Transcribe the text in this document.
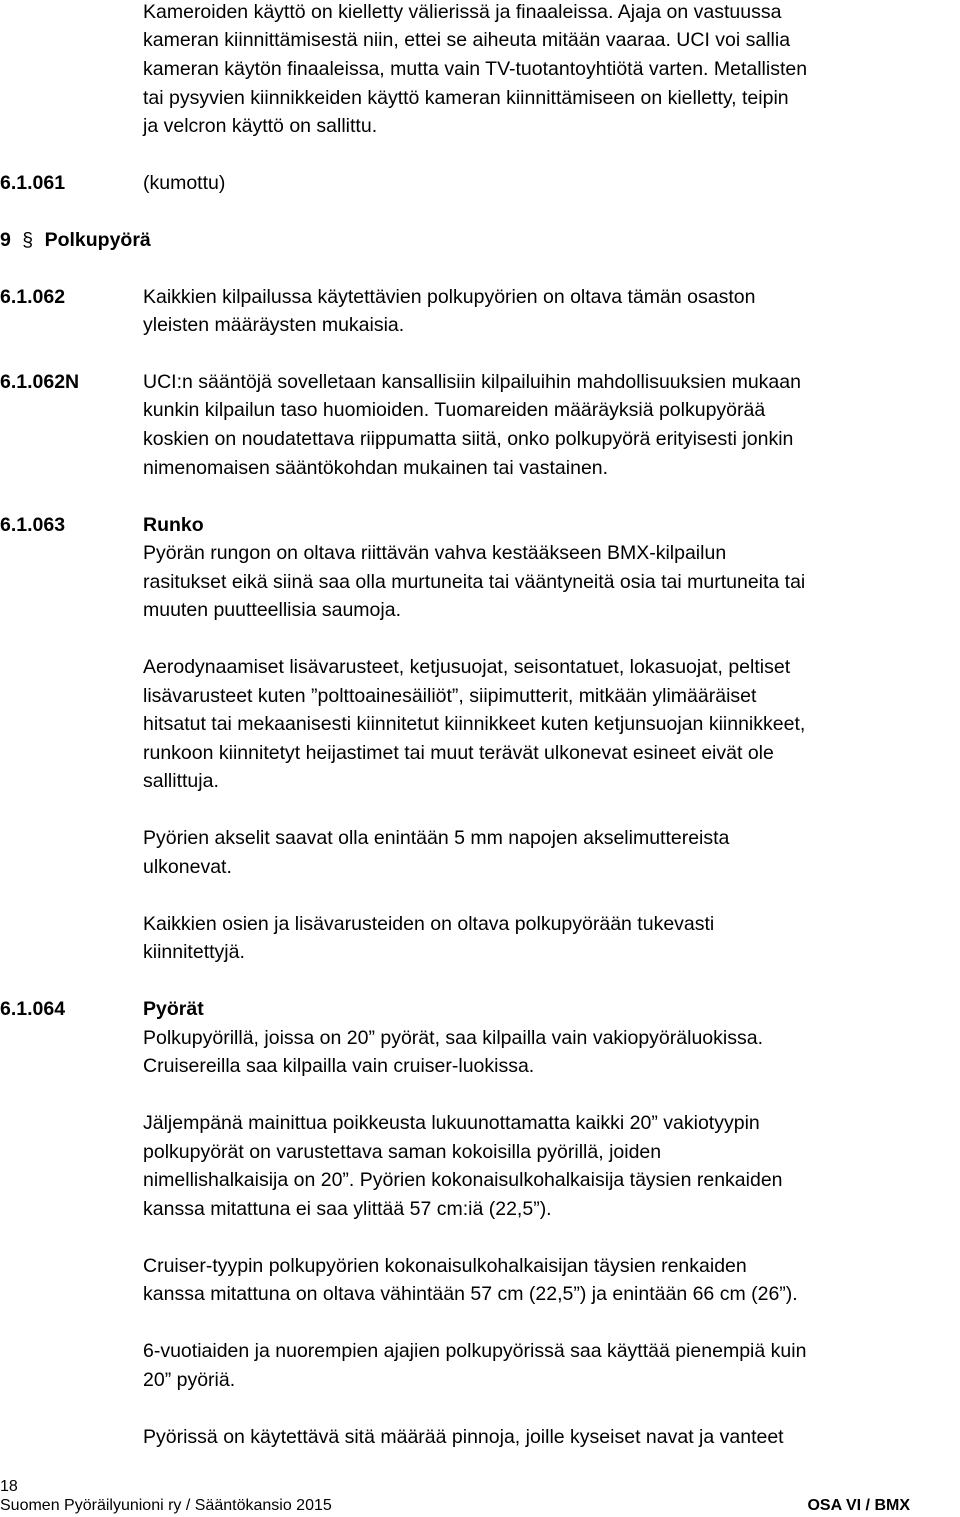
Kameroiden käyttö on kielletty välierissä ja finaaleissa. Ajaja on vastuussa
kameran kiinnittämisestä niin, ettei se aiheuta mitään vaaraa. UCI voi sallia
kameran käytön finaaleissa, mutta vain TV-tuotantoyhtiötä varten. Metallisten
tai pysyvien kiinnikkeiden käyttö kameran kiinnittämiseen on kielletty, teipin
ja velcron käyttö on sallittu.
6.1.061	(kumottu)
9 § Polkupyörä
6.1.062	Kaikkien kilpailussa käytettävien polkupyörien on oltava tämän osaston
yleisten määräysten mukaisia.
6.1.062N	UCI:n sääntöjä sovelletaan kansallisiin kilpailuihin mahdollisuuksien mukaan
kunkin kilpailun taso huomioiden. Tuomareiden määräyksiä polkupyörää
koskien on noudatettava riippumatta siitä, onko polkupyörä erityisesti jonkin
nimenomaisen sääntökohdan mukainen tai vastainen.
6.1.063	Runko
Pyörän rungon on oltava riittävän vahva kestääkseen BMX-kilpailun
rasitukset eikä siinä saa olla murtuneita tai vääntyneitä osia tai murtuneita tai
muuten puutteellisia saumoja.
Aerodynaamiset lisävarusteet, ketjusuojat, seisontatuet, lokasuojat, peltiset
lisävarusteet kuten ”polttoainesäiliöt”, siipimutterit, mitkään ylimääräiset
hitsatut tai mekaanisesti kiinnitetut kiinnikkeet kuten ketjunsuojan kiinnikkeet,
runkoon kiinnitetyt heijastimet tai muut terävät ulkonevat esineet eivät ole
sallittuja.
Pyörien akselit saavat olla enintään 5 mm napojen akselimuttereista
ulkonevat.
Kaikkien osien ja lisävarusteiden on oltava polkupyörään tukevasti
kiinnitettyjä.
6.1.064	Pyörät
Polkupyörillä, joissa on 20” pyörät, saa kilpailla vain vakiopyöräluokissa.
Cruisereilla saa kilpailla vain cruiser-luokissa.
Jäljempänä mainittua poikkeusta lukuunottamatta kaikki 20” vakiotyypin
polkupyörät on varustettava saman kokoisilla pyörillä, joiden
nimellishalkaisija on 20”. Pyörien kokonaisulkohalkaisija täysien renkaiden
kanssa mitattuna ei saa ylittää 57 cm:iä (22,5”).
Cruiser-tyypin polkupyörien kokonaisulkohalkaisijan täysien renkaiden
kanssa mitattuna on oltava vähintään 57 cm (22,5”) ja enintään 66 cm (26”).
6-vuotiaiden ja nuorempien ajajien polkupyörissä saa käyttää pienempiä kuin
20” pyöriä.
Pyörissä on käytettävä sitä määrää pinnoja, joille kyseiset navat ja vanteet
18
Suomen Pyöräilyunioni ry / Sääntökansio 2015	OSA VI / BMX
